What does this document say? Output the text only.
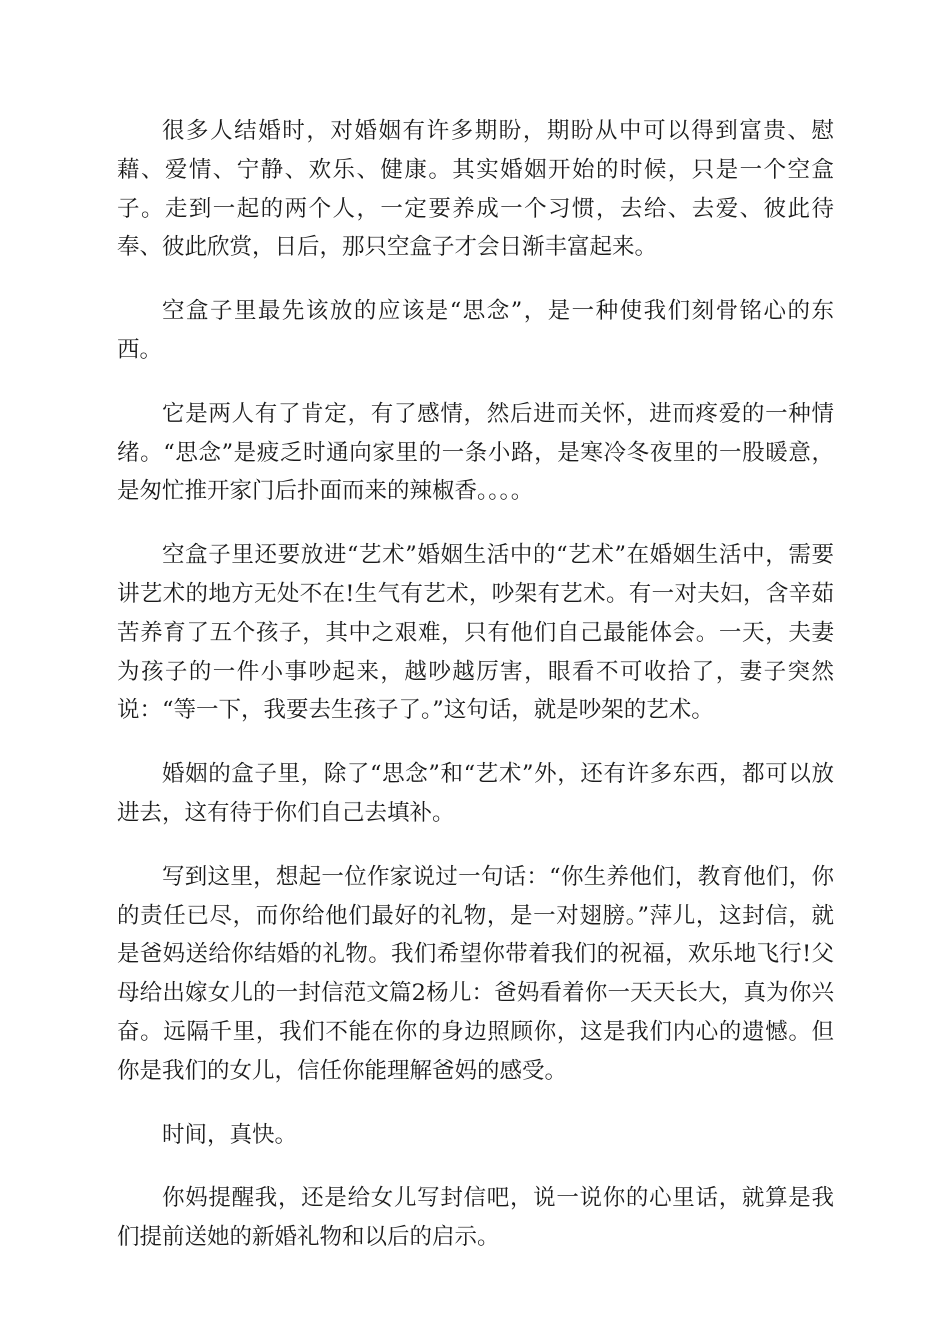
很多人结婚时，对婚姻有许多期盼，期盼从中可以得到富贵、慰藉、爱情、宁静、欢乐、健康。其实婚姻开始的时候，只是一个空盒子。走到一起的两个人，一定要养成一个习惯，去给、去爱、彼此待奉、彼此欣赏，日后，那只空盒子才会日渐丰富起来。

空盒子里最先该放的应该是“思念”，是一种使我们刻骨铭心的东西。

它是两人有了肯定，有了感情，然后进而关怀，进而疼爱的一种情绪。“思念”是疲乏时通向家里的一条小路，是寒冷冬夜里的一股暖意，是匆忙推开家门后扑面而来的辣椒香。。。。

空盒子里还要放进“艺术”婚姻生活中的“艺术”在婚姻生活中，需要讲艺术的地方无处不在!生气有艺术，吵架有艺术。有一对夫妇，含辛茹苦养育了五个孩子，其中之艰难，只有他们自己最能体会。一天，夫妻为孩子的一件小事吵起来，越吵越厉害，眼看不可收拾了，妻子突然说：“等一下，我要去生孩子了。”这句话，就是吵架的艺术。

婚姻的盒子里，除了“思念”和“艺术”外，还有许多东西，都可以放进去，这有待于你们自己去填补。

写到这里，想起一位作家说过一句话：“你生养他们，教育他们，你的责任已尽，而你给他们最好的礼物，是一对翅膀。”萍儿，这封信，就是爸妈送给你结婚的礼物。我们希望你带着我们的祝福，欢乐地飞行!父母给出嫁女儿的一封信范文篇2杨儿：爸妈看着你一天天长大，真为你兴奋。远隔千里，我们不能在你的身边照顾你，这是我们内心的遗憾。但你是我们的女儿，信任你能理解爸妈的感受。

时间，真快。

你妈提醒我，还是给女儿写封信吧，说一说你的心里话，就算是我们提前送她的新婚礼物和以后的启示。
